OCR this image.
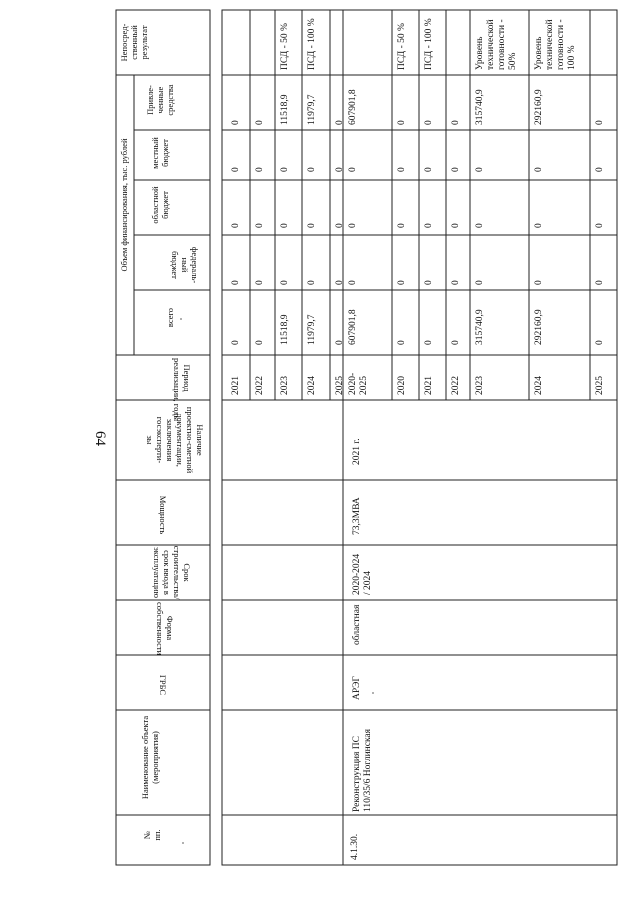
64
Непосред-
ственный
результат
Объем финансирования, тыс. рублей
Привле-
ченные
средства
местный
бюджет
областной
бюджет
федераль-
ный
бюджет
всего
Период
реализации, годы
Наличие
проектно-сметной
документации,
заключения
госэксперти-
зы
Мощность
Срок
строительства/
срок ввода в
эксплуатацию
Форма
собственности
ГРБС
Наименование объекта
(мероприятия)
№
пп.	4.1.30.
Реконструкция ПС
110/35/6 Ноглинская
АРЭГ
областная
2020-2024
/ 2024
73,3МВА
2021 г.
2021
0
0
0
0
0
2022
0
0
0
0
0
2023
11518,9
0
0
0
11518,9
ПСД - 50 %
2024
11979,7
0
0
0
11979,7
ПСД - 100 %
2025
0
0
0
0
0
2020-
2025
607901,8
0
0
0
607901,8
2020
0
0
0
0
0
ПСД - 50 %
2021
0
0
0
0
0
ПСД - 100 %
2022
0
0
0
0
0
2023
315740,9
0
0
0
315740,9
Уровень
технической
готовности -
50%
2024
292160,9
0
0
0
292160,9
Уровень
технической
готовности -
100 %
2025
0
0
0
0
0
